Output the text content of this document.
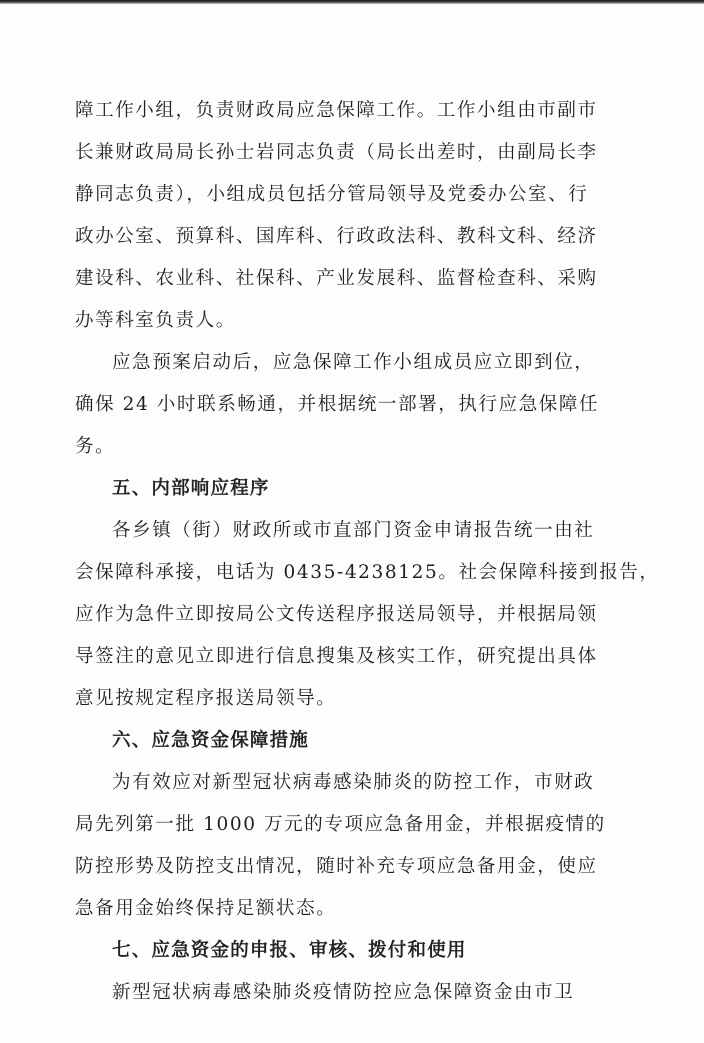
障工作小组，负责财政局应急保障工作。工作小组由市副市
长兼财政局局长孙士岩同志负责（局长出差时，由副局长李
静同志负责），小组成员包括分管局领导及党委办公室、行
政办公室、预算科、国库科、行政政法科、教科文科、经济
建设科、农业科、社保科、产业发展科、监督检查科、采购
办等科室负责人。
应急预案启动后，应急保障工作小组成员应立即到位，
确保 24 小时联系畅通，并根据统一部署，执行应急保障任
务。
五、内部响应程序
各乡镇（街）财政所或市直部门资金申请报告统一由社
会保障科承接，电话为 0435-4238125。社会保障科接到报告，
应作为急件立即按局公文传送程序报送局领导，并根据局领
导签注的意见立即进行信息搜集及核实工作，研究提出具体
意见按规定程序报送局领导。
六、应急资金保障措施
为有效应对新型冠状病毒感染肺炎的防控工作，市财政
局先列第一批 1000 万元的专项应急备用金，并根据疫情的
防控形势及防控支出情况，随时补充专项应急备用金，使应
急备用金始终保持足额状态。
七、应急资金的申报、审核、拨付和使用
新型冠状病毒感染肺炎疫情防控应急保障资金由市卫
